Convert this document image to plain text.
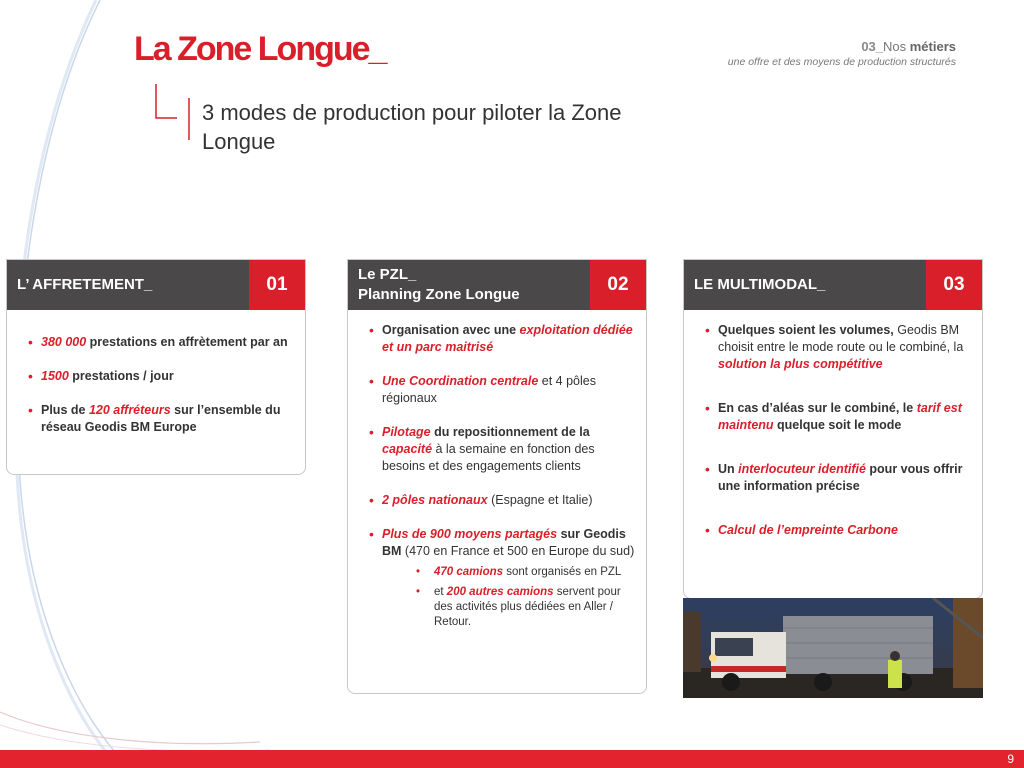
La Zone Longue_	03_Nos métiers
une offre et des moyens de production structurés
3 modes de production pour piloter la Zone Longue
L’ AFFRETEMENT_	01
• 380 000 prestations en affrètement par an
• 1500 prestations / jour
• Plus de 120 affréteurs sur l’ensemble du réseau Geodis BM Europe
Le PZL_
Planning Zone Longue	02
• Organisation avec une exploitation dédiée et un parc maitrisé
• Une Coordination centrale et 4 pôles régionaux
• Pilotage du repositionnement de la capacité à la semaine en fonction des besoins et des engagements clients
• 2 pôles nationaux (Espagne et Italie)
• Plus de 900 moyens partagés sur Geodis BM (470 en France et 500 en Europe du sud)
• 470 camions sont organisés en PZL
• et 200 autres camions servent pour des activités plus dédiées en Aller / Retour.
LE MULTIMODAL_	03
• Quelques soient les volumes, Geodis BM choisit entre le mode route ou le combiné, la solution la plus compétitive
• En cas d’aléas sur le combiné, le tarif est maintenu quelque soit le mode
• Un interlocuteur identifié pour vous offrir une information précise
• Calcul de l’empreinte Carbone
9
